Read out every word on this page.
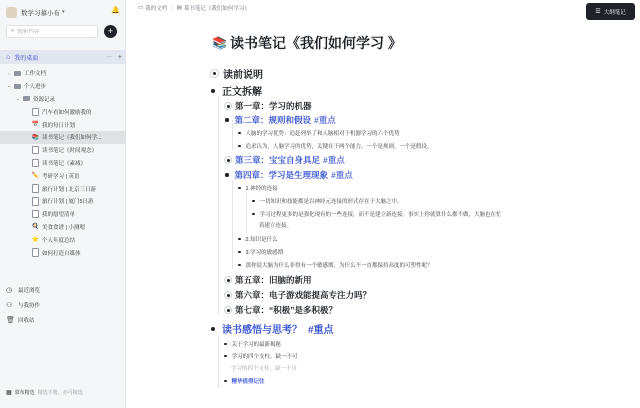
数学习慕小布 ▾	🔔
⌕
搜索内容	+
⌂ 我的桌面	··· +
›	工作文档
⌄ 个人进步
⌄ 资源记录
汽车看如何激励我的
📅 我的每日计划
📚 读书笔记《我们如何学...
读书笔记《时间观念》
读书笔记《素减》
✏️ 考研学习 | 英语
旅行计划 | 北京三日游
旅行计划 | 厦门5日游
我的愿望清单
🍳 美食食谱 | 小测嗯
⭐ 个人年度总结
如何打造自媒体
◷	最近浏览
⚇	与我协作
🗑 回收站
▦ 慕布精选 精选手册、亦可精选
▭ 我的文档 | ▤ 慕书笔记《我们如何学习》	☰ 大纲笔记
📚 读书笔记《我们如何学习 》
读前说明
正文拆解
第一章：学习的机器
第二章：规则和假设 #重点
人脑的学习优势：追赶列举了和人脑相对于机器学习的六个优势
追求认为，人脑学习的优势，关键在于两个能力，一个是规则，一个是假设。
第三章：宝宝自身具足 #重点
第四章：学习是生理现象 #重点
1.神经的连接
一切知识和技能都是以神经元连接的形式存在于大脑之中。
学习过程更多的是强化现有的一些连接，而不是建立新连接。事实上你就算什么都不做，大脑也在忙
着建立连接。
2.知识是什么
3.学习的敏感期
那你说大脑为什么非得有一个敏感期，为什么不一直都保持高度的可塑性呢？
第五章：旧脑的新用
第六章：电子游戏能提高专注力吗？
第七章：“积极”是多积极？
读书感悟与思考？ #重点
关于学习的最新揭秘
学习的四个支柱，缺一不可
学习的四个支柱，缺一不可
精华值得记住
